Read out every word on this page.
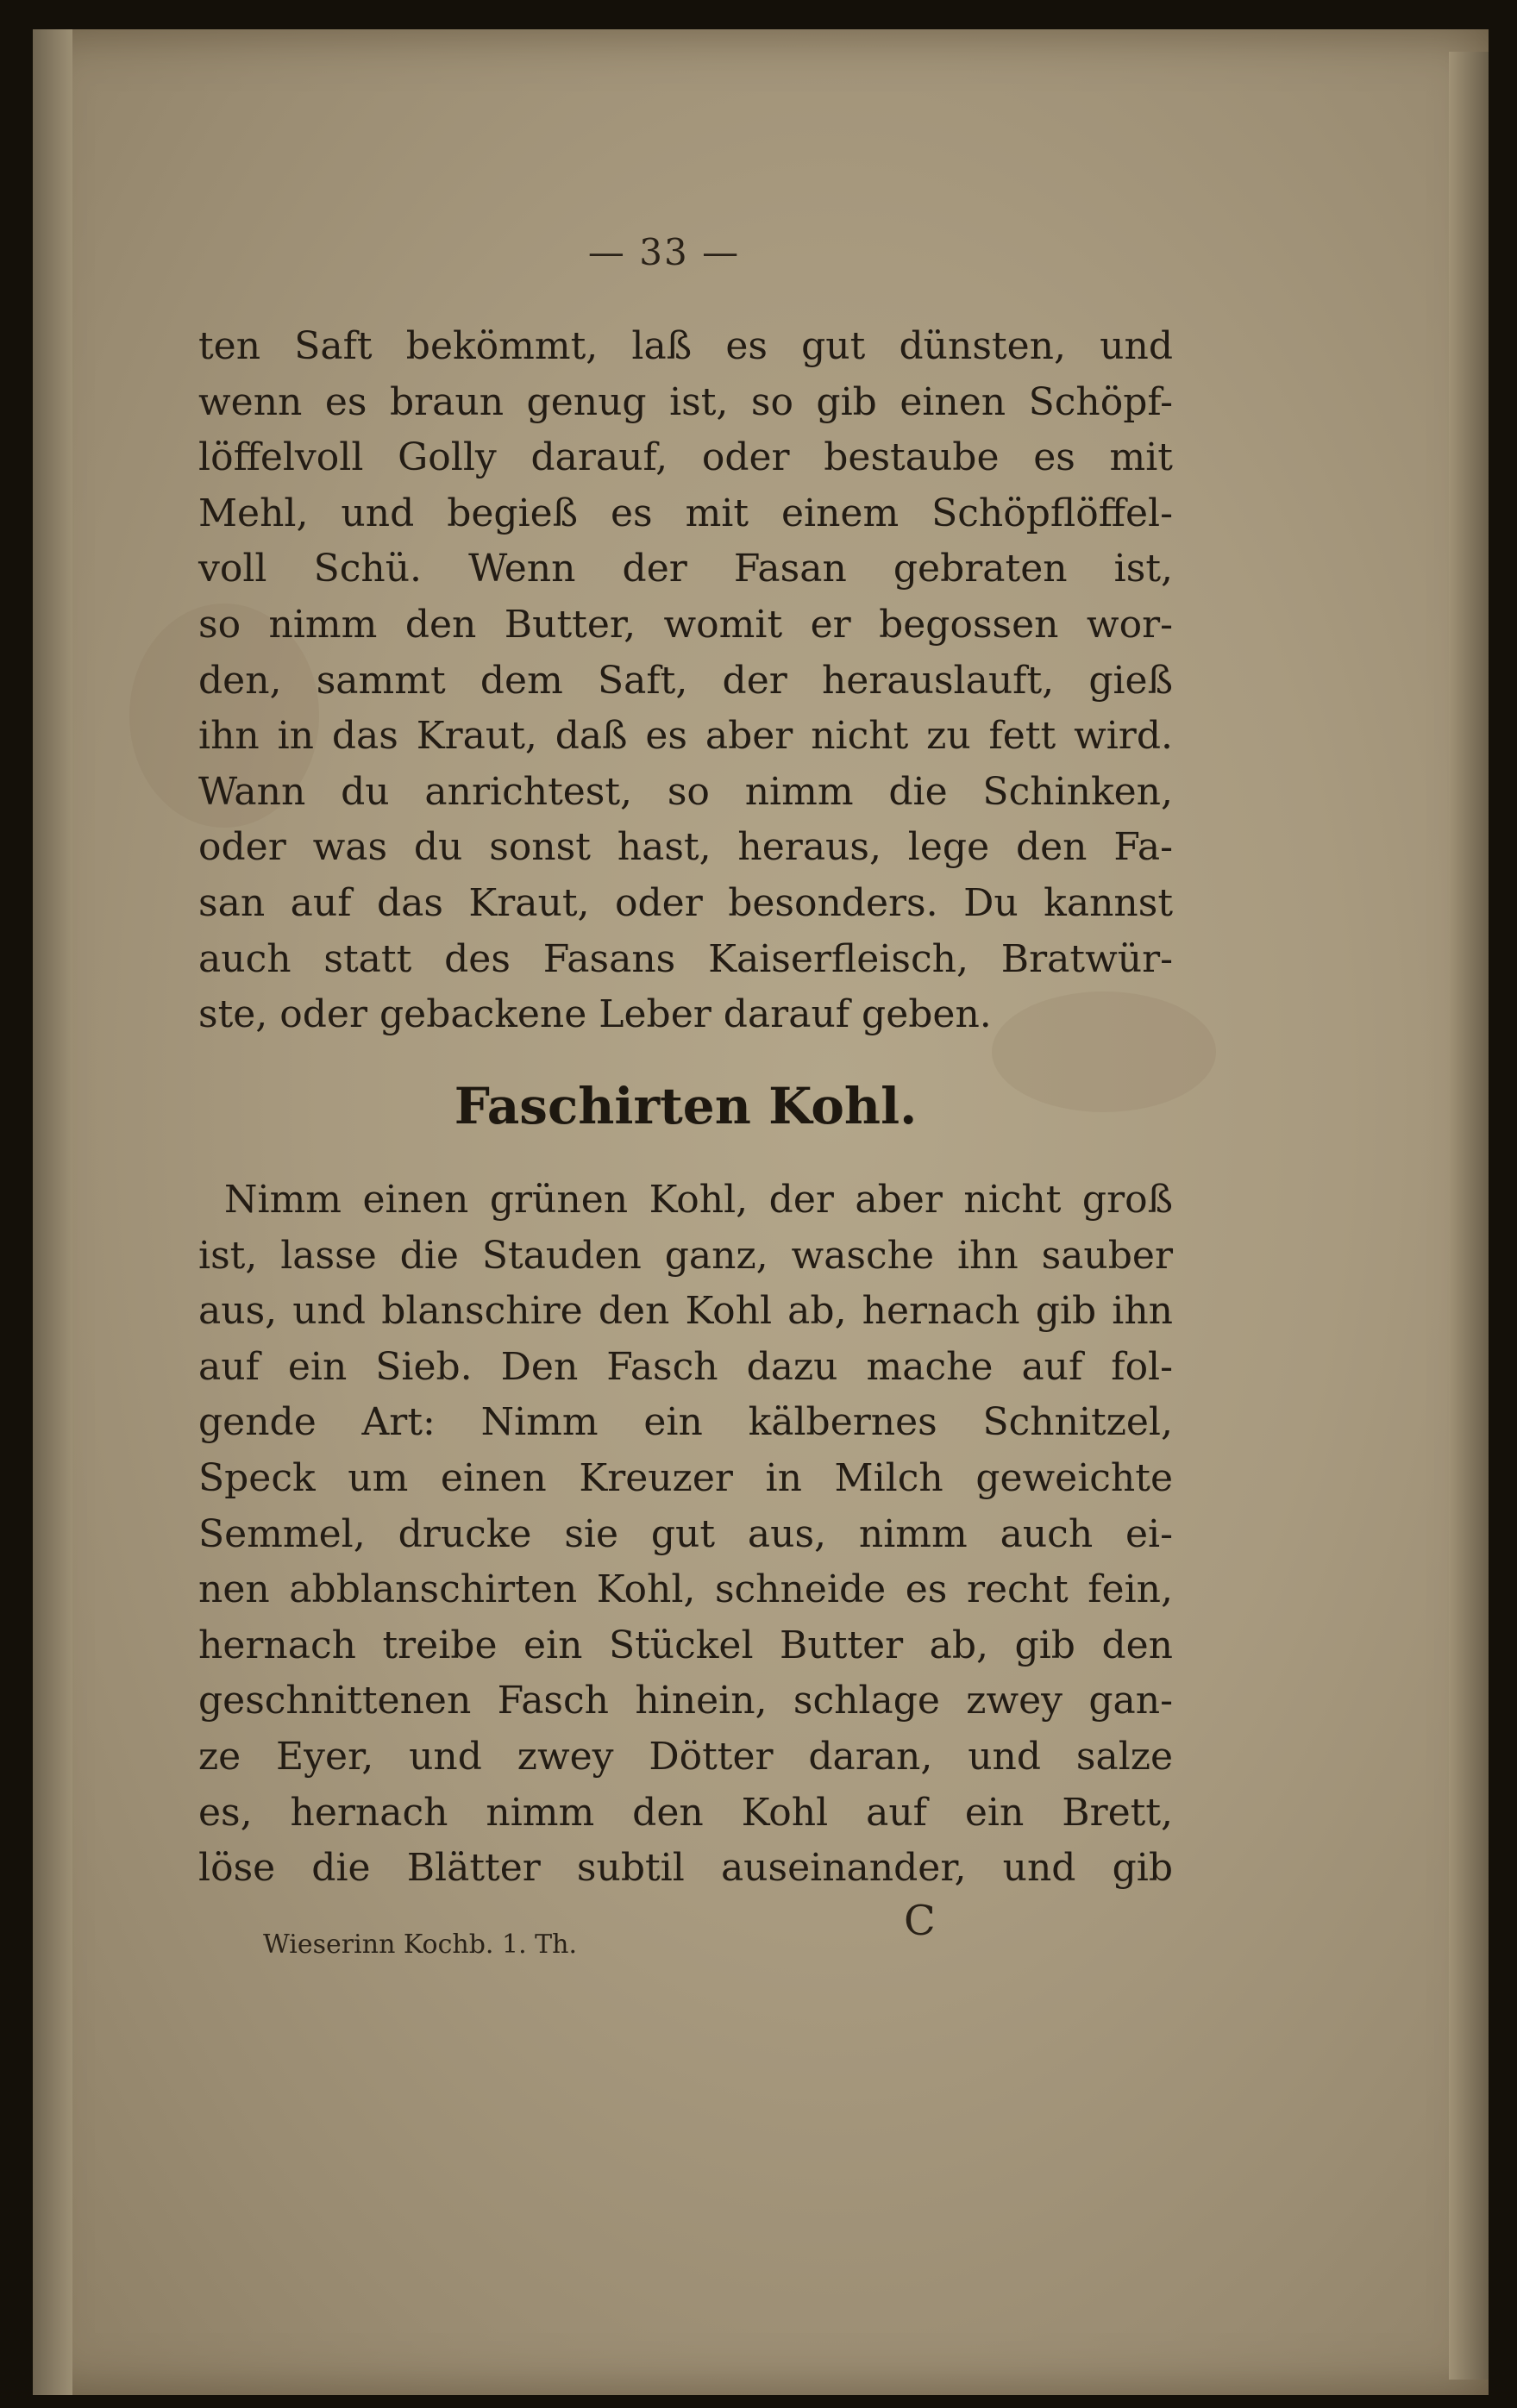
— 33 —
ten Saft bekömmt, laß es gut dünsten, und
wenn es braun genug ist, so gib einen Schöpf-
löffelvoll Golly darauf, oder bestaube es mit
Mehl, und begieß es mit einem Schöpflöffel-
voll Schü. Wenn der Fasan gebraten ist,
so nimm den Butter, womit er begossen wor-
den, sammt dem Saft, der herauslauft, gieß
ihn in das Kraut, daß es aber nicht zu fett wird.
Wann du anrichtest, so nimm die Schinken,
oder was du sonst hast, heraus, lege den Fa-
san auf das Kraut, oder besonders. Du kannst
auch statt des Fasans Kaiserfleisch, Bratwür-
ste, oder gebackene Leber darauf geben.
Faschirten Kohl.
Nimm einen grünen Kohl, der aber nicht groß
ist, lasse die Stauden ganz, wasche ihn sauber
aus, und blanschire den Kohl ab, hernach gib ihn
auf ein Sieb. Den Fasch dazu mache auf fol-
gende Art: Nimm ein kälbernes Schnitzel,
Speck um einen Kreuzer in Milch geweichte
Semmel, drucke sie gut aus, nimm auch ei-
nen abblanschirten Kohl, schneide es recht fein,
hernach treibe ein Stückel Butter ab, gib den
geschnittenen Fasch hinein, schlage zwey gan-
ze Eyer, und zwey Dötter daran, und salze
es, hernach nimm den Kohl auf ein Brett,
löse die Blätter subtil auseinander, und gib
Wieserinn Kochb. 1. Th.	C
